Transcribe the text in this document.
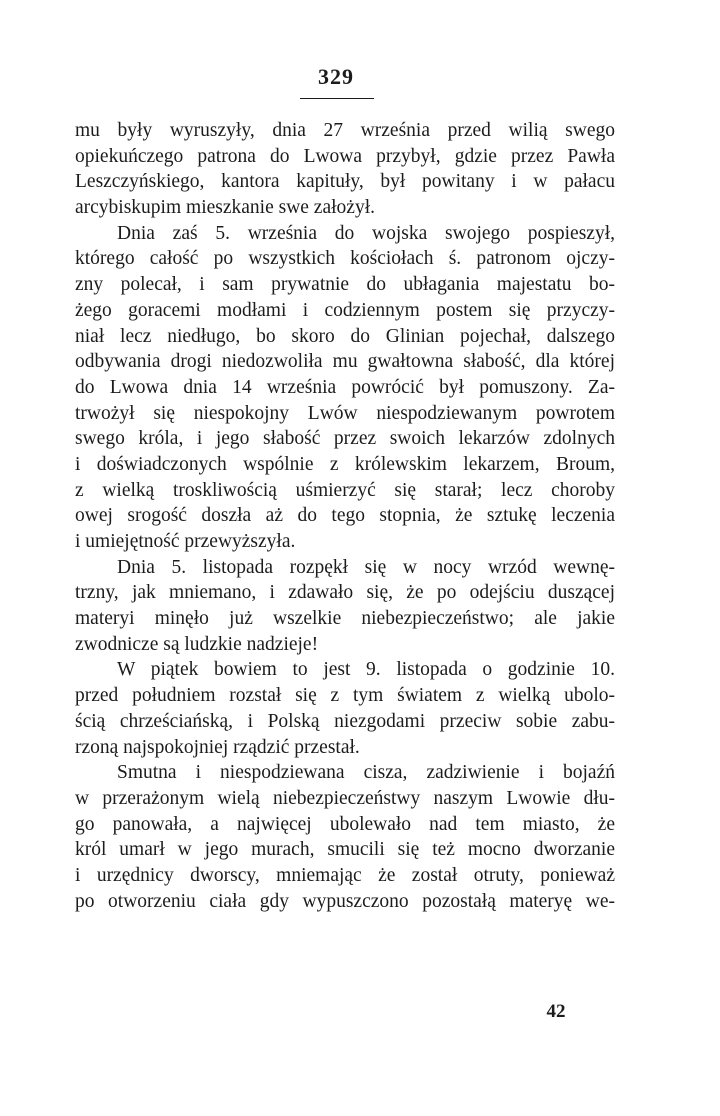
329
mu były wyruszyły, dnia 27 września przed wilią swego
opiekuńczego patrona do Lwowa przybył, gdzie przez Pawła
Leszczyńskiego, kantora kapituły, był powitany i w pałacu
arcybiskupim mieszkanie swe założył.
Dnia zaś 5. września do wojska swojego pospieszył,
którego całość po wszystkich kościołach ś. patronom ojczy-
zny polecał, i sam prywatnie do ubłagania majestatu bo-
żego goracemi modłami i codziennym postem się przyczy-
niał lecz niedługo, bo skoro do Glinian pojechał, dalszego
odbywania drogi niedozwoliła mu gwałtowna słabość, dla której
do Lwowa dnia 14 września powrócić był pomuszony. Za-
trwożył się niespokojny Lwów niespodziewanym powrotem
swego króla, i jego słabość przez swoich lekarzów zdolnych
i doświadczonych wspólnie z królewskim lekarzem, Broum,
z wielką troskliwością uśmierzyć się starał; lecz choroby
owej srogość doszła aż do tego stopnia, że sztukę leczenia
i umiejętność przewyższyła.
Dnia 5. listopada rozpękł się w nocy wrzód wewnę-
trzny, jak mniemano, i zdawało się, że po odejściu duszącej
materyi minęło już wszelkie niebezpieczeństwo; ale jakie
zwodnicze są ludzkie nadzieje!
W piątek bowiem to jest 9. listopada o godzinie 10.
przed południem rozstał się z tym światem z wielką ubolo-
ścią chrześciańską, i Polską niezgodami przeciw sobie zabu-
rzoną najspokojniej rządzić przestał.
Smutna i niespodziewana cisza, zadziwienie i bojaźń
w przerażonym wielą niebezpieczeństwy naszym Lwowie dłu-
go panowała, a najwięcej ubolewało nad tem miasto, że
król umarł w jego murach, smucili się też mocno dworzanie
i urzędnicy dworscy, mniemając że został otruty, ponieważ
po otworzeniu ciała gdy wypuszczono pozostałą materyę we-
42
